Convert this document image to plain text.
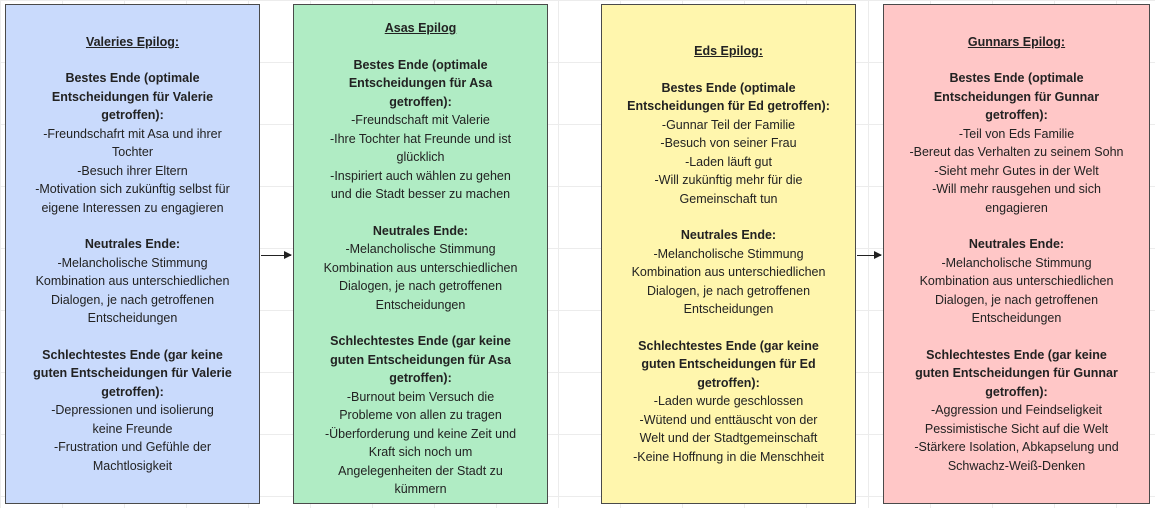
Valeries Epilog:
Bestes Ende (optimale
Entscheidungen für Valerie
getroffen):
-Freundschafrt mit Asa und ihrer
Tochter
-Besuch ihrer Eltern
-Motivation sich zukünftig selbst für
eigene Interessen zu engagieren
Neutrales Ende:
-Melancholische Stimmung
Kombination aus unterschiedlichen
Dialogen, je nach getroffenen
Entscheidungen
Schlechtestes Ende (gar keine
guten Entscheidungen für Valerie
getroffen):
-Depressionen und isolierung
keine Freunde
-Frustration und Gefühle der
Machtlosigkeit
Asas Epilog
Bestes Ende (optimale
Entscheidungen für Asa
getroffen):
-Freundschaft mit Valerie
-Ihre Tochter hat Freunde und ist
glücklich
-Inspiriert auch wählen zu gehen
und die Stadt besser zu machen
Neutrales Ende:
-Melancholische Stimmung
Kombination aus unterschiedlichen
Dialogen, je nach getroffenen
Entscheidungen
Schlechtestes Ende (gar keine
guten Entscheidungen für Asa
getroffen):
-Burnout beim Versuch die
Probleme von allen zu tragen
-Überforderung und keine Zeit und
Kraft sich noch um
Angelegenheiten der Stadt zu
kümmern
Eds Epilog:
Bestes Ende (optimale
Entscheidungen für Ed getroffen):
-Gunnar Teil der Familie
-Besuch von seiner Frau
-Laden läuft gut
-Will zukünftig mehr für die
Gemeinschaft tun
Neutrales Ende:
-Melancholische Stimmung
Kombination aus unterschiedlichen
Dialogen, je nach getroffenen
Entscheidungen
Schlechtestes Ende (gar keine
guten Entscheidungen für Ed
getroffen):
-Laden wurde geschlossen
-Wütend und enttäuscht von der
Welt und der Stadtgemeinschaft
-Keine Hoffnung in die Menschheit
Gunnars Epilog:
Bestes Ende (optimale
Entscheidungen für Gunnar
getroffen):
-Teil von Eds Familie
-Bereut das Verhalten zu seinem Sohn
-Sieht mehr Gutes in der Welt
-Will mehr rausgehen und sich
engagieren
Neutrales Ende:
-Melancholische Stimmung
Kombination aus unterschiedlichen
Dialogen, je nach getroffenen
Entscheidungen
Schlechtestes Ende (gar keine
guten Entscheidungen für Gunnar
getroffen):
-Aggression und Feindseligkeit
Pessimistische Sicht auf die Welt
-Stärkere Isolation, Abkapselung und
Schwachz-Weiß-Denken
